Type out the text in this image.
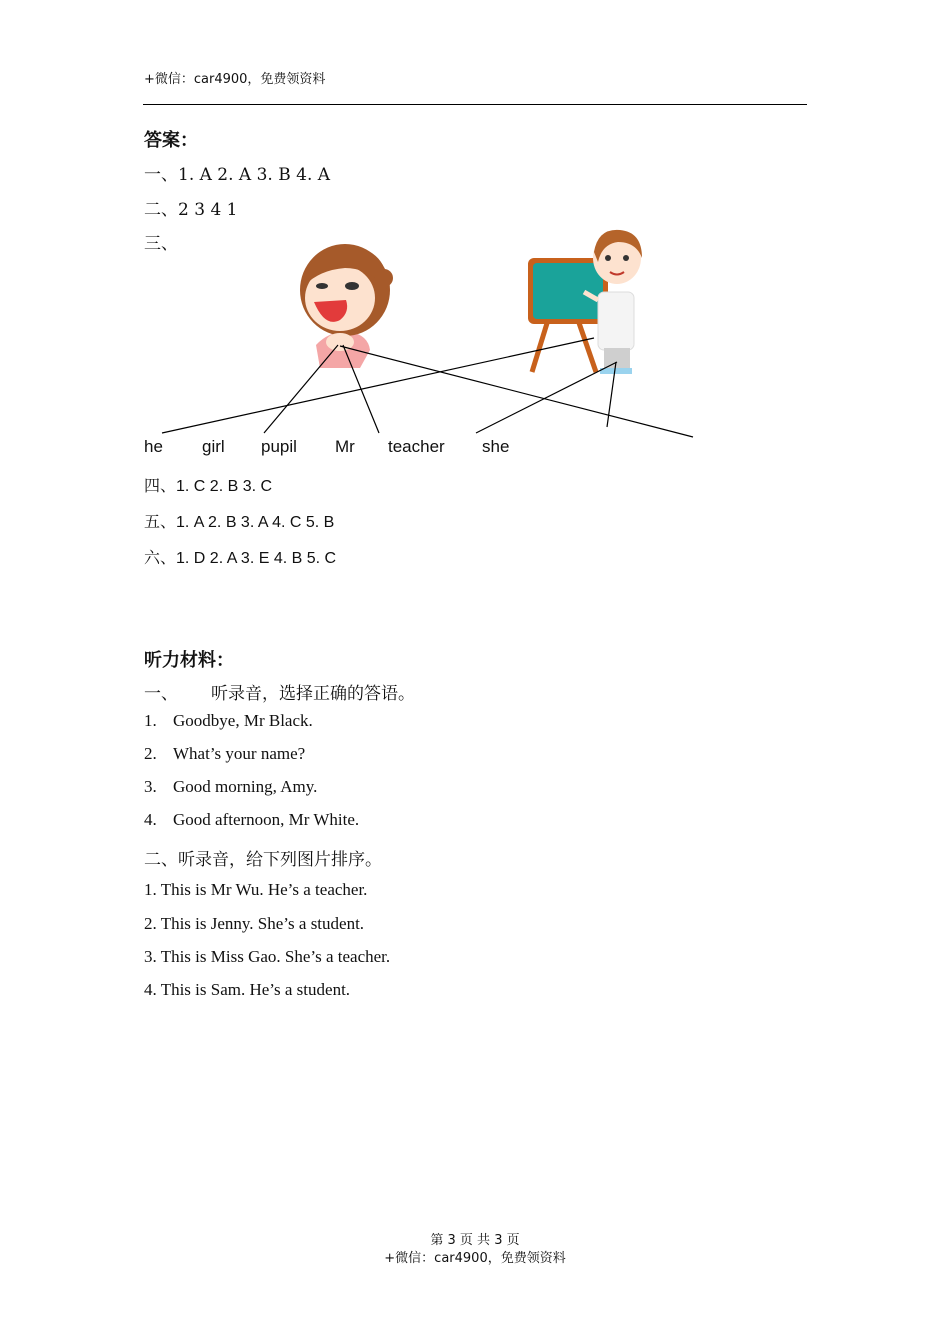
+微信：car4900，免费领资料
答案：
一、1. A 2. A 3. B 4. A
二、2 3 4 1
三、
he girl pupil Mr teacher she
四、1. C 2. B 3. C
五、1. A 2. B 3. A 4. C 5. B
六、1. D 2. A 3. E 4. B 5. C
听力材料：
一、 听录音，选择正确的答语。
1. Goodbye, Mr Black.
2. What’s your name?
3. Good morning, Amy.
4. Good afternoon, Mr White.
二、听录音，给下列图片排序。
1. This is Mr Wu. He’s a teacher.
2. This is Jenny. She’s a student.
3. This is Miss Gao. She’s a teacher.
4. This is Sam. He’s a student.
第 3 页 共 3 页
+微信：car4900，免费领资料
